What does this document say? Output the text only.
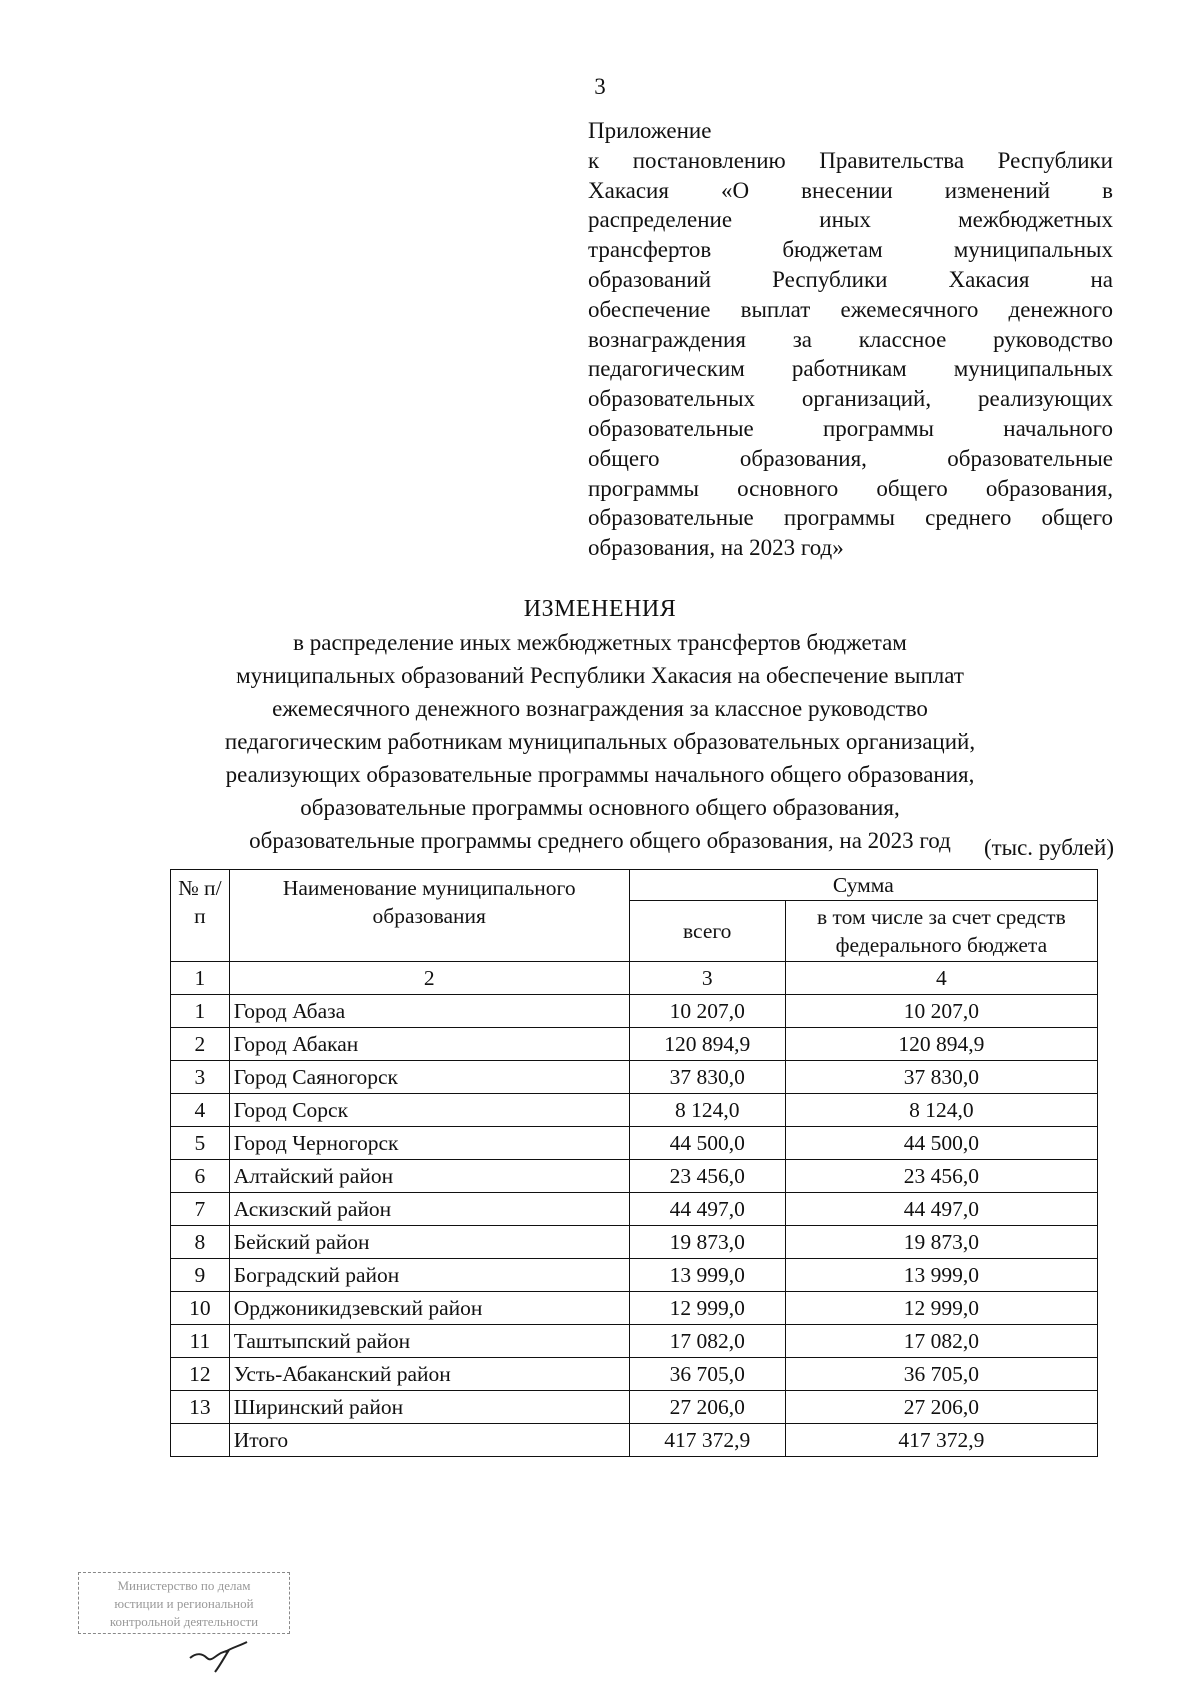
3
Приложение
к постановлению Правительства Республики
Хакасия «О внесении изменений в
распределение	иных	межбюджетных
трансфертов	бюджетам	муниципальных
образований	Республики	Хакасия	на
обеспечение выплат ежемесячного денежного
вознаграждения за классное руководство
педагогическим работникам муниципальных
образовательных организаций, реализующих
образовательные	программы	начального
общего	образования,	образовательные
программы основного общего образования,
образовательные программы среднего общего
образования, на 2023 год»
ИЗМЕНЕНИЯ
в распределение иных межбюджетных трансфертов бюджетам
муниципальных образований Республики Хакасия на обеспечение выплат
ежемесячного денежного вознаграждения за классное руководство
педагогическим работникам муниципальных образовательных организаций,
реализующих образовательные программы начального общего образования,
образовательные программы основного общего образования,
образовательные программы среднего общего образования, на 2023 год	(тыс. рублей)
№ п/п	Наименование муниципального образования	Сумма	
		всего	в том числе за счет средств федерального бюджета
1	2	3	4
1	Город Абаза	10 207,0	10 207,0
2	Город Абакан	120 894,9	120 894,9
3	Город Саяногорск	37 830,0	37 830,0
4	Город Сорск	8 124,0	8 124,0
5	Город Черногорск	44 500,0	44 500,0
6	Алтайский район	23 456,0	23 456,0
7	Аскизский район	44 497,0	44 497,0
8	Бейский район	19 873,0	19 873,0
9	Боградский район	13 999,0	13 999,0
10	Орджоникидзевский район	12 999,0	12 999,0
11	Таштыпский район	17 082,0	17 082,0
12	Усть-Абаканский район	36 705,0	36 705,0
13	Ширинский район	27 206,0	27 206,0
	Итого	417 372,9	417 372,9
Министерство по делам
юстиции и региональной
контрольной деятельности
